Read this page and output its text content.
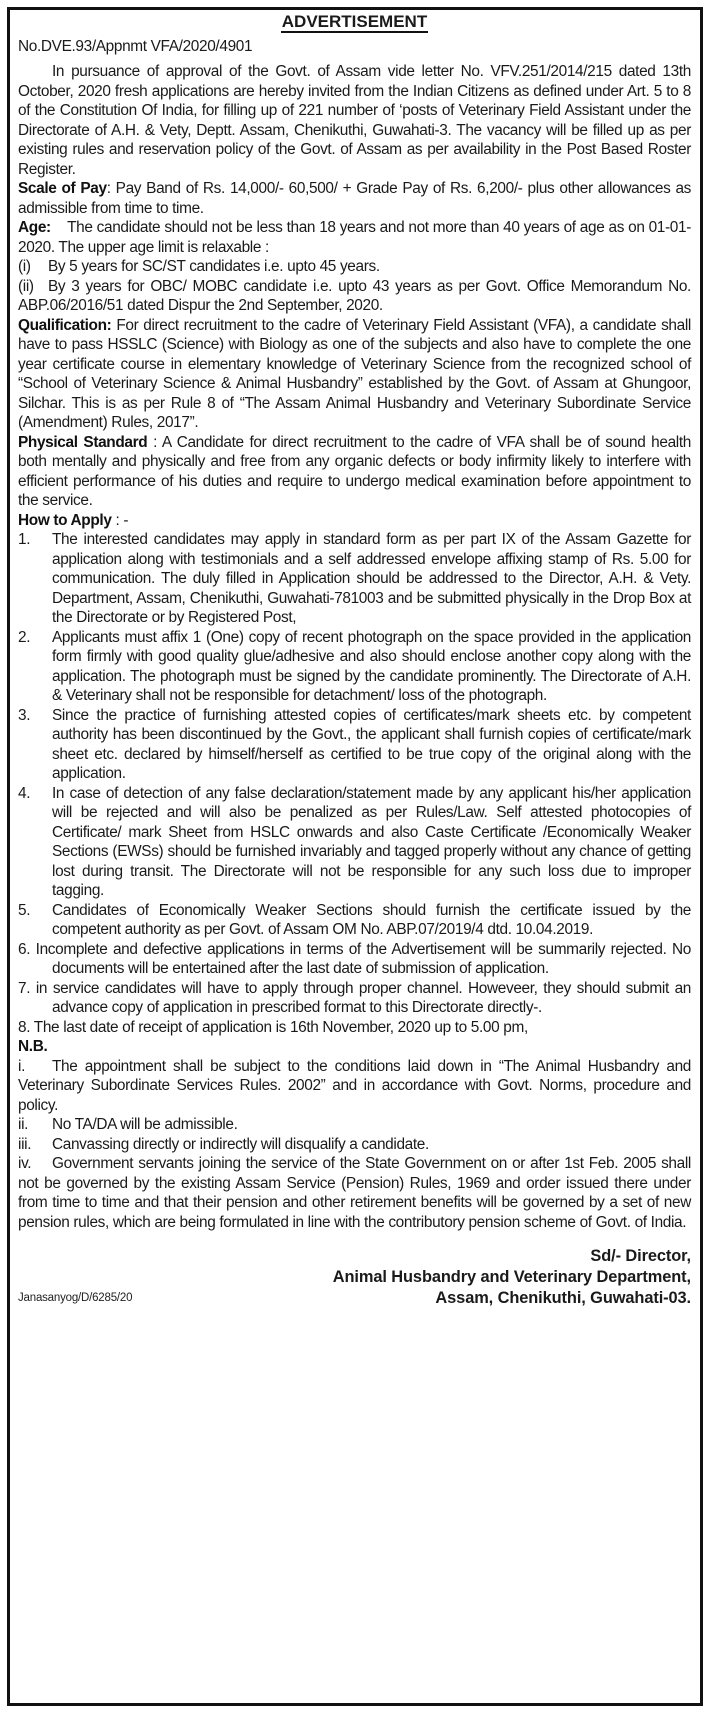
ADVERTISEMENT
No.DVE.93/Appnmt VFA/2020/4901

In pursuance of approval of the Govt. of Assam vide letter No. VFV.251/2014/215 dated 13th October, 2020 fresh applications are hereby invited from the Indian Citizens as defined under Art. 5 to 8 of the Constitution Of India, for filling up of 221 number of ‘posts of Veterinary Field Assistant under the Directorate of A.H. & Vety, Deptt. Assam, Chenikuthi, Guwahati-3. The vacancy will be filled up as per existing rules and reservation policy of the Govt. of Assam as per availability in the Post Based Roster Register.

Scale of Pay: Pay Band of Rs. 14,000/- 60,500/ + Grade Pay of Rs. 6,200/- plus other allowances as admissible from time to time.

Age: The candidate should not be less than 18 years and not more than 40 years of age as on 01-01-2020. The upper age limit is relaxable :

(i)	By 5 years for SC/ST candidates i.e. upto 45 years.

(ii) By 3 years for OBC/ MOBC candidate i.e. upto 43 years as per Govt. Office Memorandum No. ABP.06/2016/51 dated Dispur the 2nd September, 2020.

Qualification: For direct recruitment to the cadre of Veterinary Field Assistant (VFA), a candidate shall have to pass HSSLC (Science) with Biology as one of the subjects and also have to complete the one year certificate course in elementary knowledge of Veterinary Science from the recognized school of “School of Veterinary Science & Animal Husbandry” established by the Govt. of Assam at Ghungoor, Silchar. This is as per Rule 8 of “The Assam Animal Husbandry and Veterinary Subordinate Service (Amendment) Rules, 2017”.

Physical Standard : A Candidate for direct recruitment to the cadre of VFA shall be of sound health both mentally and physically and free from any organic defects or body infirmity likely to interfere with efficient performance of his duties and require to undergo medical examination before appointment to the service.

How to Apply : -

1.	The interested candidates may apply in standard form as per part IX of the Assam Gazette for application along with testimonials and a self addressed envelope affixing stamp of Rs. 5.00 for communication. The duly filled in Application should be addressed to the Director, A.H. & Vety. Department, Assam, Chenikuthi, Guwahati-781003 and be submitted physically in the Drop Box at the Directorate or by Registered Post,
2.	Applicants must affix 1 (One) copy of recent photograph on the space provided in the application form firmly with good quality glue/adhesive and also should enclose another copy along with the application. The photograph must be signed by the candidate prominently. The Directorate of A.H. & Veterinary shall not be responsible for detachment/ loss of the photograph.
3.	Since the practice of furnishing attested copies of certificates/mark sheets etc. by competent authority has been discontinued by the Govt., the applicant shall furnish copies of certificate/mark sheet etc. declared by himself/herself as certified to be true copy of the original along with the application.
4.	In case of detection of any false declaration/statement made by any applicant his/her application will be rejected and will also be penalized as per Rules/Law. Self attested photocopies of Certificate/ mark Sheet from HSLC onwards and also Caste Certificate /Economically Weaker Sections (EWSs) should be furnished invariably and tagged properly without any chance of getting lost during transit. The Directorate will not be responsible for any such loss due to improper tagging.
5.	Candidates of Economically Weaker Sections should furnish the certificate issued by the competent authority as per Govt. of Assam OM No. ABP.07/2019/4 dtd. 10.04.2019.

6. Incomplete and defective applications in terms of the Advertisement will be summarily rejected. No documents will be entertained after the last date of submission of application.

7. in service candidates will have to apply through proper channel. Howeveer, they should submit an advance copy of application in prescribed format to this Directorate directly-.

8. The last date of receipt of application is 16th November, 2020 up to 5.00 pm,

N.B.

i. The appointment shall be subject to the conditions laid down in “The Animal Husbandry and Veterinary Subordinate Services Rules. 2002” and in accordance with Govt. Norms, procedure and policy.

ii. No TA/DA will be admissible.

iii. Canvassing directly or indirectly will disqualify a candidate.

iv. Government servants joining the service of the State Government on or after 1st Feb. 2005 shall not be governed by the existing Assam Service (Pension) Rules, 1969 and order issued there under from time to time and that their pension and other retirement benefits will be governed by a set of new pension rules, which are being formulated in line with the contributory pension scheme of Govt. of India.

Sd/- Director,
Animal Husbandry and Veterinary Department,
Assam, Chenikuthi, Guwahati-03.
Janasanyog/D/6285/20
